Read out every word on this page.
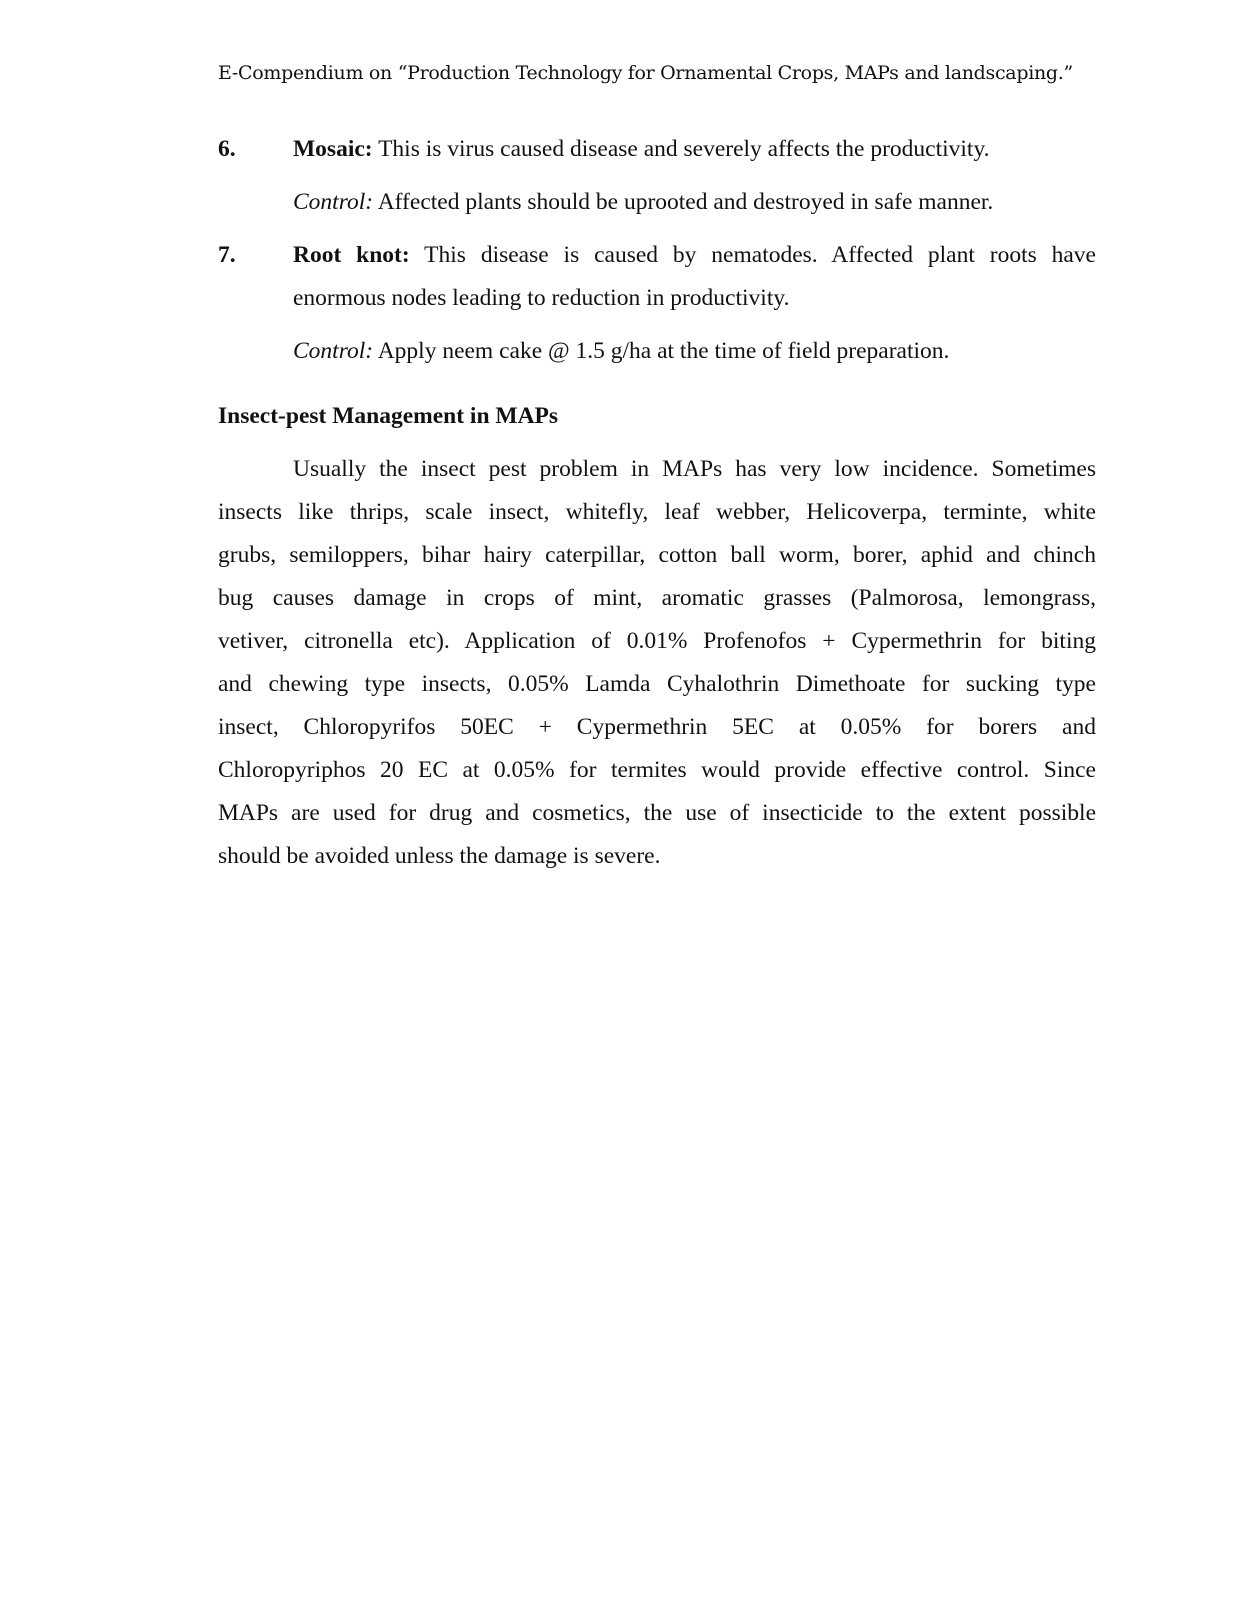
E-Compendium on “Production Technology for Ornamental Crops, MAPs and landscaping.”
6. Mosaic: This is virus caused disease and severely affects the productivity.
Control: Affected plants should be uprooted and destroyed in safe manner.
7. Root knot: This disease is caused by nematodes. Affected plant roots have
enormous nodes leading to reduction in productivity.
Control: Apply neem cake @ 1.5 g/ha at the time of field preparation.
Insect-pest Management in MAPs
Usually the insect pest problem in MAPs has very low incidence. Sometimes
insects like thrips, scale insect, whitefly, leaf webber, Helicoverpa, terminte, white
grubs, semiloppers, bihar hairy caterpillar, cotton ball worm, borer, aphid and chinch
bug causes damage in crops of mint, aromatic grasses (Palmorosa, lemongrass,
vetiver, citronella etc). Application of 0.01% Profenofos + Cypermethrin for biting
and chewing type insects, 0.05% Lamda Cyhalothrin Dimethoate for sucking type
insect, Chloropyrifos 50EC + Cypermethrin 5EC at 0.05% for borers and
Chloropyriphos 20 EC at 0.05% for termites would provide effective control. Since
MAPs are used for drug and cosmetics, the use of insecticide to the extent possible
should be avoided unless the damage is severe.
